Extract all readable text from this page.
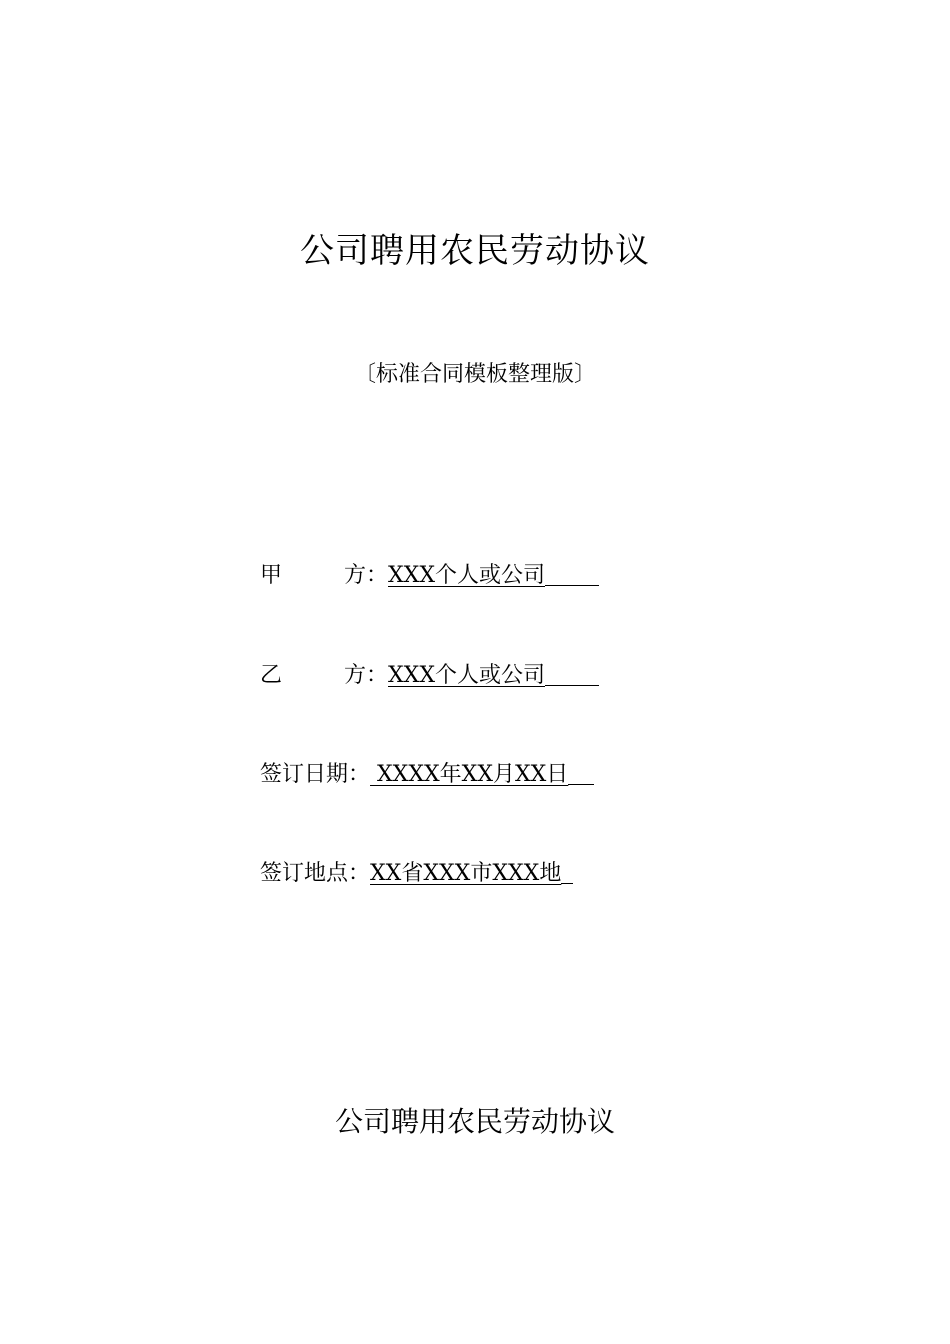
公司聘用农民劳动协议
〔标准合同模板整理版〕
甲	方： XXX个人或公司
乙	方： XXX个人或公司
签订日期： XXXX年XX月XX日
签订地点：XX省XXX市XXX地
公司聘用农民劳动协议
